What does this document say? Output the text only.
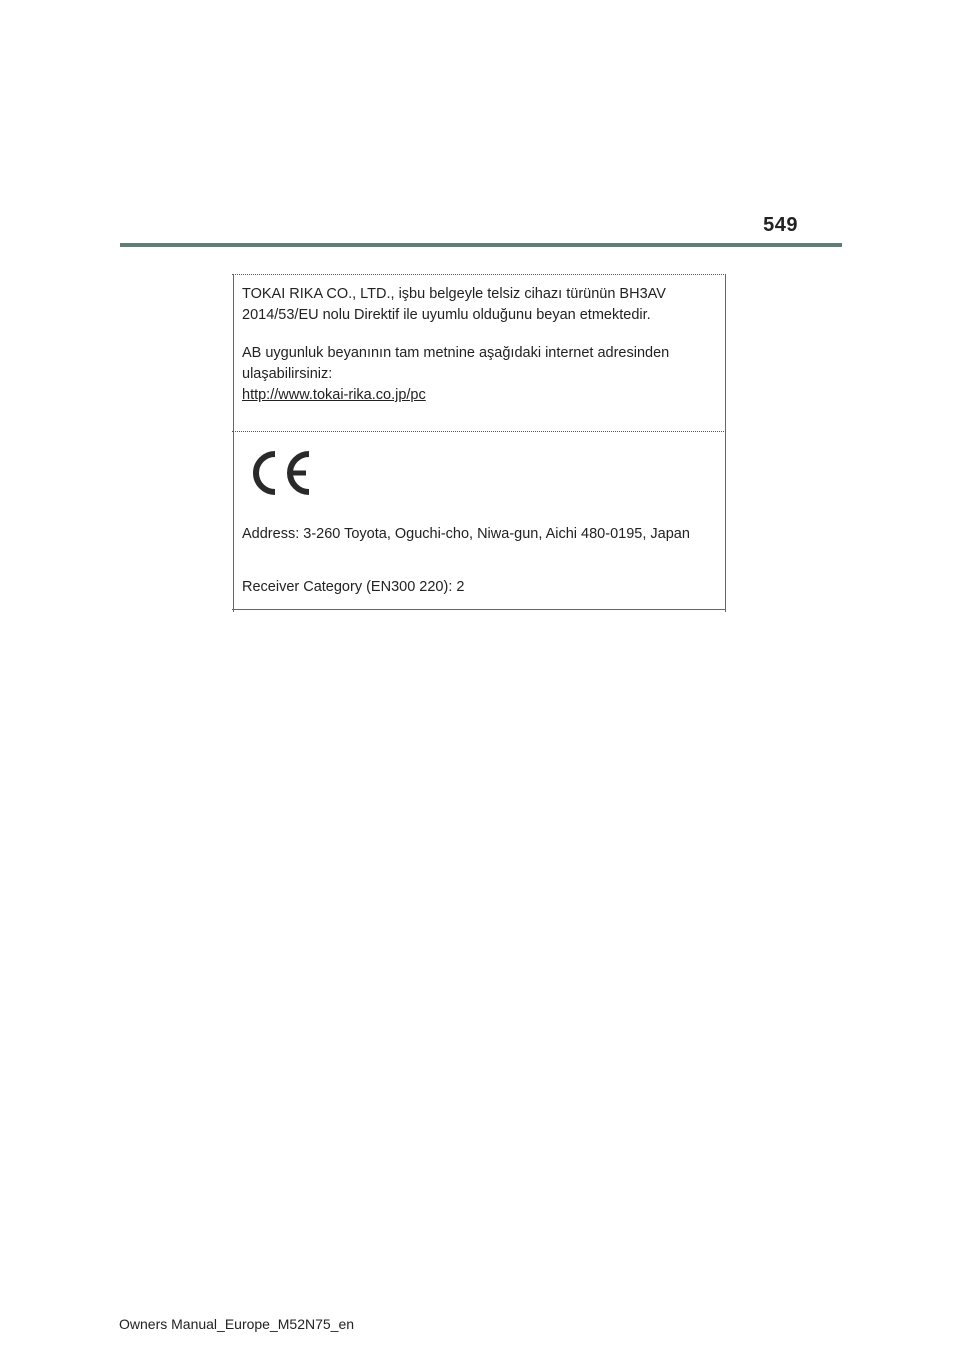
549
TOKAI RIKA CO., LTD., işbu belgeyle telsiz cihazı türünün BH3AV
2014/53/EU nolu Direktif ile uyumlu olduğunu beyan etmektedir.
AB uygunluk beyanının tam metnine aşağıdaki internet adresinden
ulaşabilirsiniz:
http://www.tokai-rika.co.jp/pc
Address: 3-260 Toyota, Oguchi-cho, Niwa-gun, Aichi 480-0195, Japan
Receiver Category (EN300 220): 2
Owners Manual_Europe_M52N75_en
